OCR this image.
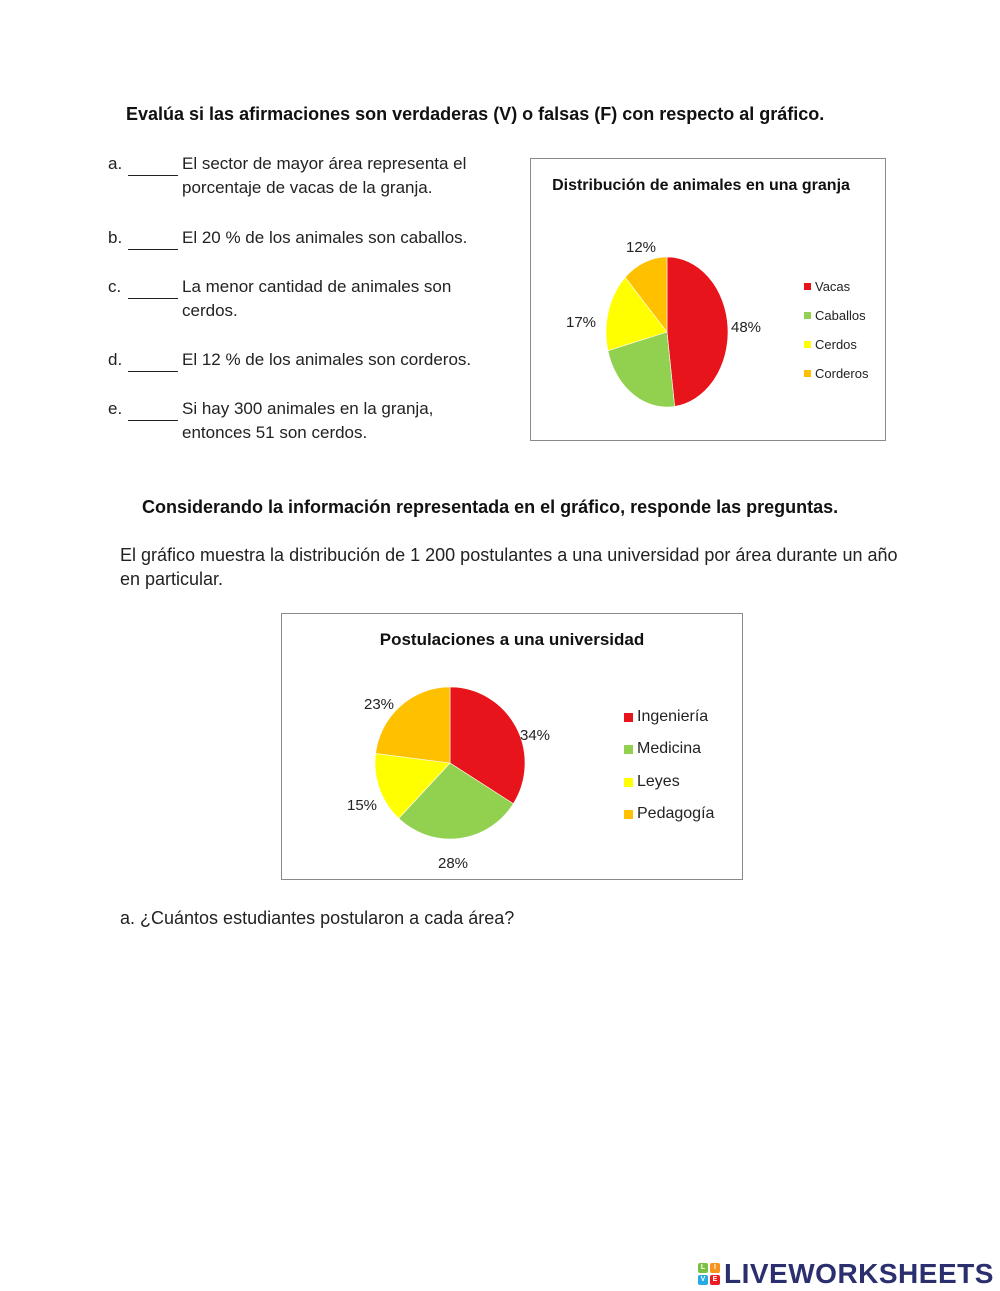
Evalúa si las afirmaciones son verdaderas (V) o falsas (F) con respecto al gráfico.
a.	El sector de mayor área representa el porcentaje de vacas de la granja.
b.	El 20 % de los animales son caballos.
c.	La menor cantidad de animales son cerdos.
d.	El 12 % de los animales son corderos.
e.	Si hay 300 animales en la granja, entonces 51 son cerdos.
Distribución de animales en una granja
12%
17%	48%
Vacas
Caballos
Cerdos
Corderos
Considerando la información representada en el gráfico, responde las preguntas.
El gráfico muestra la distribución de 1 200 postulantes a una universidad por área durante un año en particular.
Postulaciones a una universidad
23%
34%
15%
28%
Ingeniería
Medicina
Leyes
Pedagogía
a. ¿Cuántos estudiantes postularon a cada área?
L	I
V	E LIVEWORKSHEETS
